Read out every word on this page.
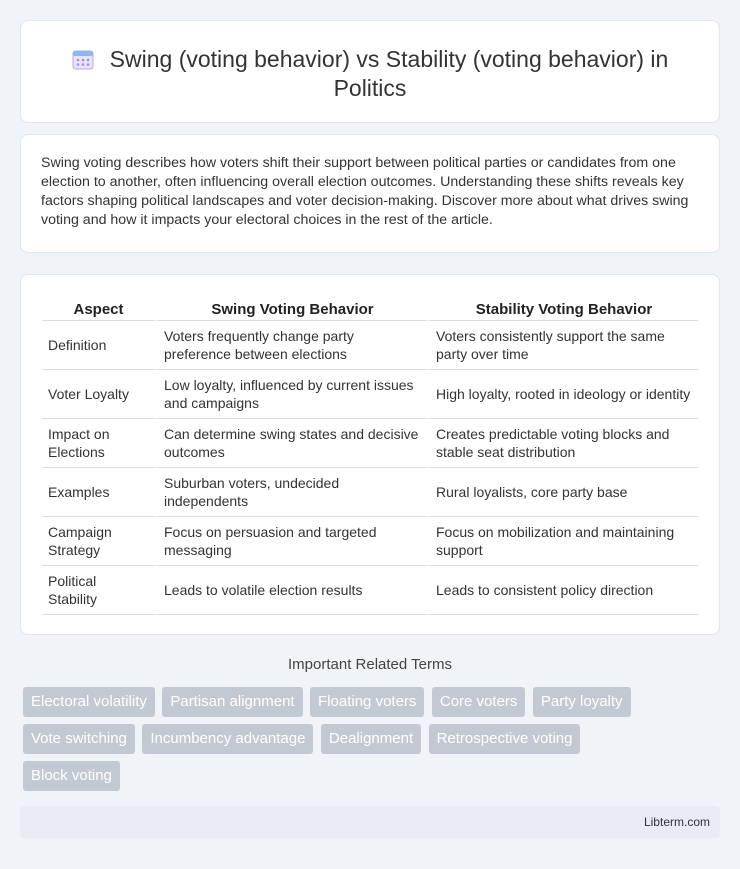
Swing (voting behavior) vs Stability (voting behavior) in Politics

Swing voting describes how voters shift their support between political parties or candidates from one election to another, often influencing overall election outcomes. Understanding these shifts reveals key factors shaping political landscapes and voter decision-making. Discover more about what drives swing voting and how it impacts your electoral choices in the rest of the article.

Aspect	Swing Voting Behavior	Stability Voting Behavior
Definition	Voters frequently change party preference between elections	Voters consistently support the same party over time
Voter Loyalty	Low loyalty, influenced by current issues and campaigns	High loyalty, rooted in ideology or identity
Impact on Elections	Can determine swing states and decisive outcomes	Creates predictable voting blocks and stable seat distribution
Examples	Suburban voters, undecided independents	Rural loyalists, core party base
Campaign Strategy	Focus on persuasion and targeted messaging	Focus on mobilization and maintaining support
Political Stability	Leads to volatile election results	Leads to consistent policy direction
Important Related Terms
Electoral volatility Partisan alignment Floating voters Core voters Party loyalty Vote switching Incumbency advantage Dealignment Retrospective voting Block voting
Libterm.com
